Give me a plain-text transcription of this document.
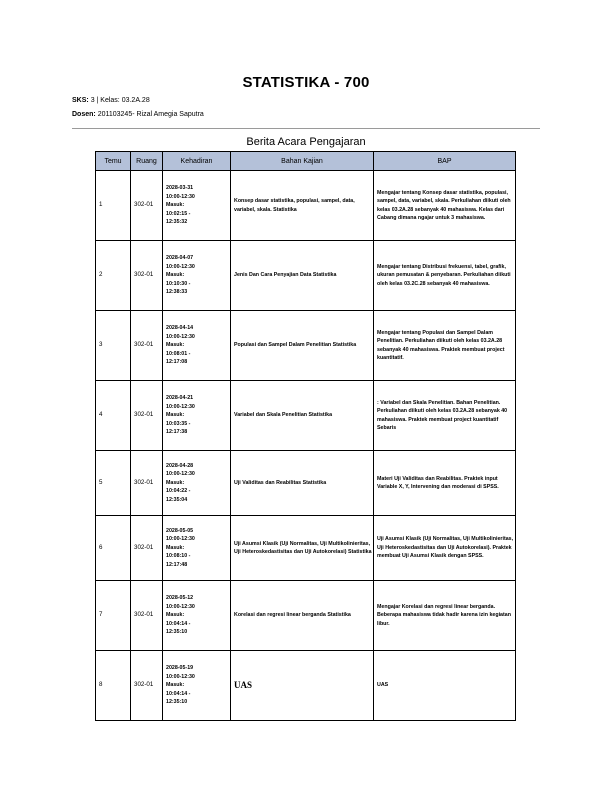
STATISTIKA - 700
SKS: 3 | Kelas: 03.2A.28
Dosen: 201103245- Rizal Amegia Saputra
Berita Acara Pengajaran
Temu	Ruang	Kehadiran	Bahan Kajian	BAP
1	302-01	2028-03-31
10:00-12:30
Masuk:
10:02:15 -
12:35:32	Konsep dasar statistika, populasi, sampel, data, variabel, skala. Statistika	Mengajar tentang Konsep dasar statistika, populasi, sampel, data, variabel, skala. Perkuliahan diikuti oleh kelas 03.2A.28 sebanyak 40 mahasiswa. Kelas dari Cabang dimana ngajar untuk 3 mahasiswa.
2	302-01	2028-04-07
10:00-12:30
Masuk:
10:10:30 -
12:38:33	Jenis Dan Cara Penyajian Data Statistika	Mengajar tentang Distribusi frekuensi, tabel, grafik, ukuran pemusatan & penyebaran. Perkuliahan diikuti oleh kelas 03.2C.28 sebanyak 40 mahasiswa.
3	302-01	2028-04-14
10:00-12:30
Masuk:
10:08:01 -
12:17:08	Populasi dan Sampel Dalam Penelitian Statistika	Mengajar tentang Populasi dan Sampel Dalam Penelitian. Perkuliahan diikuti oleh kelas 03.2A.28 sebanyak 40 mahasiswa. Praktek membuat project kuantitatif.
4	302-01	2028-04-21
10:00-12:30
Masuk:
10:03:35 -
12:17:38	Variabel dan Skala Penelitian Statistika	: Variabel dan Skala Penelitian. Bahan Penelitian. Perkuliahan diikuti oleh kelas 03.2A.28 sebanyak 40 mahasiswa. Praktek membuat project kuantitatif Sebaris
5	302-01	2028-04-28
10:00-12:30
Masuk:
10:04:22 -
12:35:04	Uji Validitas dan Reabilitas Statistika	Materi Uji Validitas dan Reabilitas. Praktek input Variable X, Y, Intervening dan moderasi di SPSS.
6	302-01	2028-05-05
10:00-12:30
Masuk:
10:08:10 -
12:17:48	Uji Asumsi Klasik (Uji Normalitas, Uji Multikolinieritas, Uji Heteroskedastisitas dan Uji Autokorelasi) Statistika	Uji Asumsi Klasik (Uji Normalitas, Uji Multikolinieritas, Uji Heteroskedastisitas dan Uji Autokorelasi). Praktek membuat Uji Asumsi Klasik dengan SPSS.
7	302-01	2028-05-12
10:00-12:30
Masuk:
10:04:14 -
12:35:10	Korelasi dan regresi linear berganda Statistika	Mengajar Korelasi dan regresi linear berganda. Beberapa mahasiswa tidak hadir karena izin kegiatan libur.
8	302-01	2028-05-19
10:00-12:30
Masuk:
10:04:14 -
12:35:10	UAS	UAS
